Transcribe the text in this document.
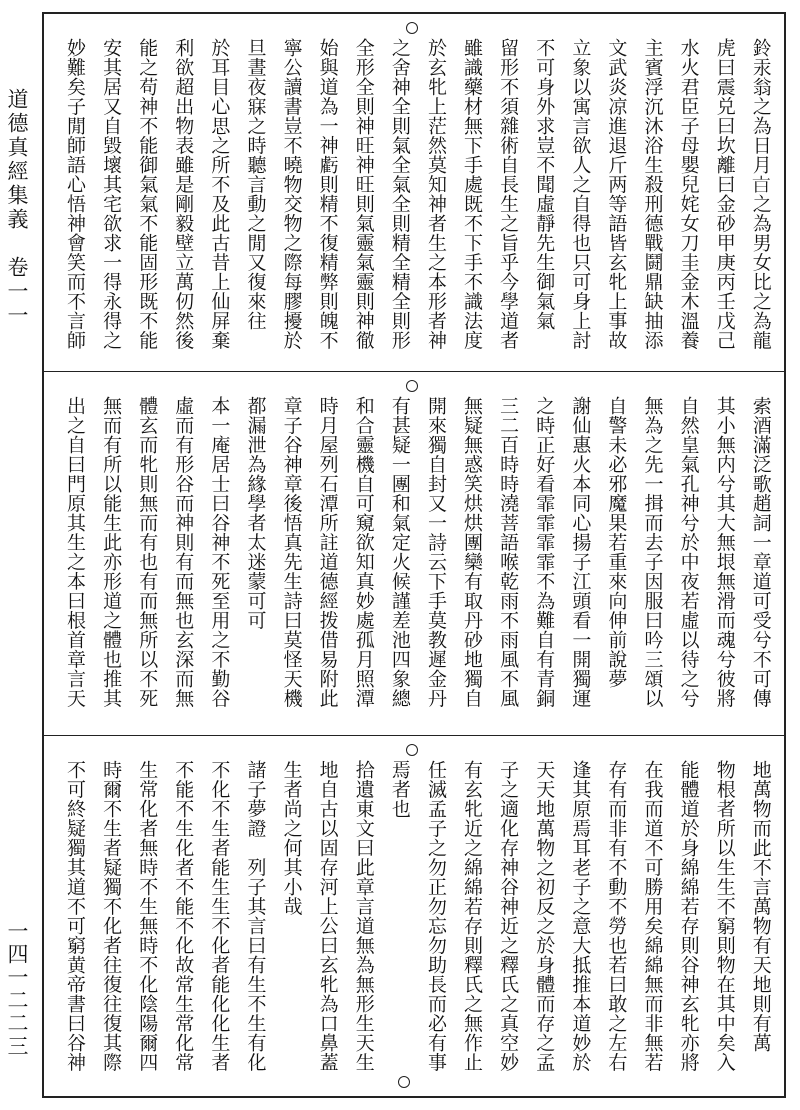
道德真經集義　卷一一
一四一二二三
鈴汞翁之為日月𣅀之為男女比之為龍
虎曰震兑曰坎離曰金砂甲庚丙壬戊己
水火君臣子母嬰兒姹女刀圭金木溫養
主賓浮沉沐浴生殺刑德戰鬪鼎缺抽添
文武炎凉進退斤两等語皆玄牝上事故
立象以寓言欲人之自得也只可身上討
不可身外求豈不聞虛靜先生御氣氣
留形不須雜術自長生之旨乎今學道者
雖識藥材無下手處既不下手不識法度
於玄牝上茫然莫知神者生之本形者神
之舍神全則氣全氣全則精全精全則形
全形全則神旺神旺則氣靈氣靈則神徹
始與道為一神虧則精不復精弊則魄不
寧公讀書豈不曉物交物之際每膠擾於
旦晝夜寐之時聽言動之閒又復來往
於耳目心思之所不及此古昔上仙屏棄
利欲超出物表雖是剛毅壁立萬仞然後
能之苟神不能御氣氣不能固形既不能
安其居又自毀壞其宅欲求一得永得之
妙難矣子閒師語心悟神會笑而不言師
索酒滿泛歌趙詞一章道可受兮不可傳
其小無内兮其大無垠無滑而魂兮彼將
自然皇氣孔神兮於中夜若虛以待之兮
無為之先一揖而去子因服曰吟三頌以
自警未必邪魔果若重來向伸前說夢
謝仙惠火本同心揚子江頭看一開獨運
之時正好看霏霏霏霏不為難自有青銅
三二百時時澆菩語喉乾雨不雨風不風
無疑無惑笑烘烘團欒有取丹砂地獨自
開來獨自封又一詩云下手莫教遲金丹
有甚疑一團和氣定火候謹差池四象總
和合靈機自可窺欲知真妙處孤月照潭
時月屋列石潭所註道德經拨借易附此
章子谷神章後悟真先生詩曰莫怪天機
都漏泄為緣學者太迷蒙可可
本一庵居士曰谷神不死至用之不勤谷
虛而有形谷而神則有而無也玄深而無
體玄而牝則無而有也有而無所以不死
無而有所以能生此亦形道之體也推其
出之自曰門原其生之本曰根首章言天
地萬物而此不言萬物有天地則有萬
物根者所以生生不窮則物在其中矣入
能體道於身綿綿若存則谷神玄牝亦將
在我而道不可勝用矣綿綿無而非無若
存有而非有不動不勞也若曰敢之左右
逢其原焉耳老子之意大抵推本道妙於
天天地萬物之初反之於身體而存之孟
子之適化存神谷神近之釋氏之真空妙
有玄牝近之綿綿若存則釋氏之無作止
任滅孟子之勿正勿忘勿助長而必有事
焉者也
拾遺東文曰此章言道無為無形生天生
地自古以固存河上公曰玄牝為口鼻蓋
生者尚之何其小哉
諸子夢證　列子其言曰有生不生有化
不化不生者能生生不化者能化化生者
不能不生化者不能不化故常生常化常
生常化者無時不生無時不化陰陽爾四
時爾不生者疑獨不化者往復往復其際
不可終疑獨其道不可窮黄帝書曰谷神
